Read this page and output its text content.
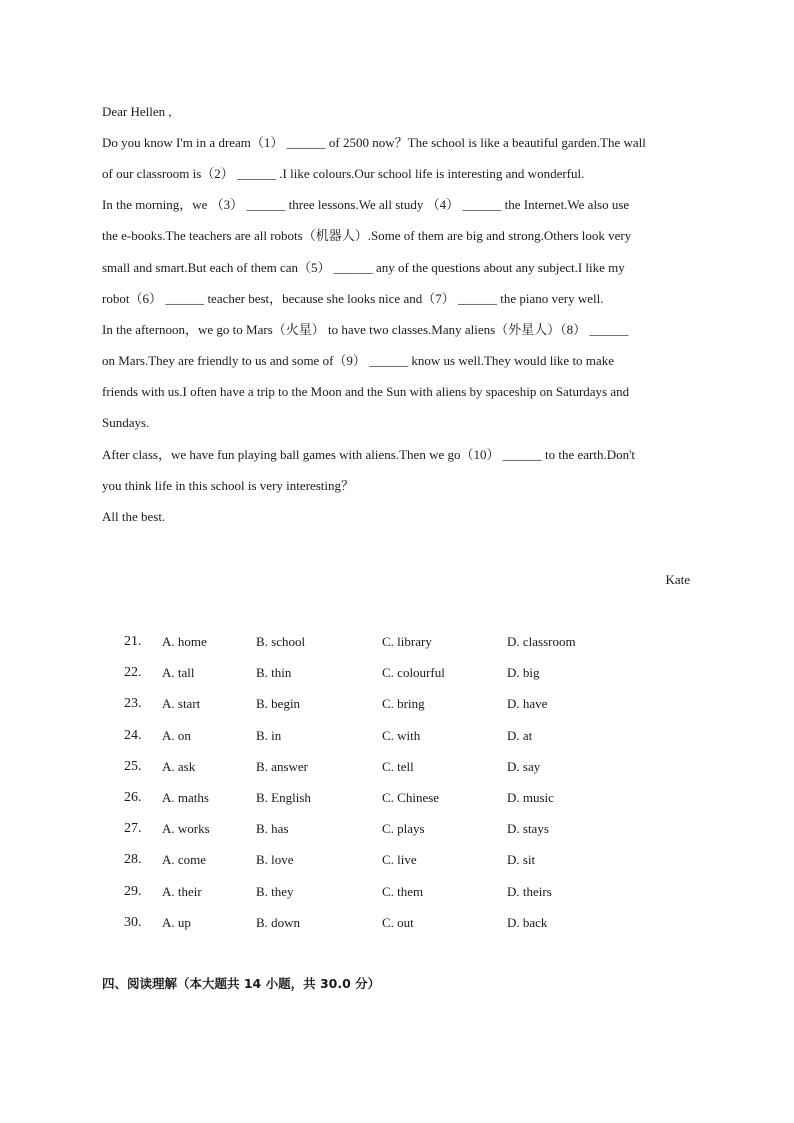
Dear Hellen ,
Do you know I'm in a dream（1） ______ of 2500 now？The school is like a beautiful garden.The wall
of our classroom is（2） ______ .I like colours.Our school life is interesting and wonderful.
In the morning，we （3） ______ three lessons.We all study （4） ______ the Internet.We also use
the e-books.The teachers are all robots（机器人）.Some of them are big and strong.Others look very
small and smart.But each of them can（5） ______ any of the questions about any subject.I like my
robot（6） ______ teacher best，because she looks nice and（7） ______ the piano very well.
In the afternoon，we go to Mars（火星） to have two classes.Many aliens（外星人）（8） ______
on Mars.They are friendly to us and some of（9） ______ know us well.They would like to make
friends with us.I often have a trip to the Moon and the Sun with aliens by spaceship on Saturdays and
Sundays.
After class，we have fun playing ball games with aliens.Then we go（10） ______ to the earth.Don't
you think life in this school is very interesting？
All the best.
Kate
21. A. home	B. school	C. library	D. classroom
22. A. tall	B. thin	C. colourful	D. big
23. A. start	B. begin	C. bring	D. have
24. A. on	B. in	C. with	D. at
25. A. ask	B. answer	C. tell	D. say
26. A. maths	B. English	C. Chinese	D. music
27. A. works	B. has	C. plays	D. stays
28. A. come	B. love	C. live	D. sit
29. A. their	B. they	C. them	D. theirs
30. A. up	B. down	C. out	D. back
四、阅读理解（本大题共 14 小题，共 30.0 分）
